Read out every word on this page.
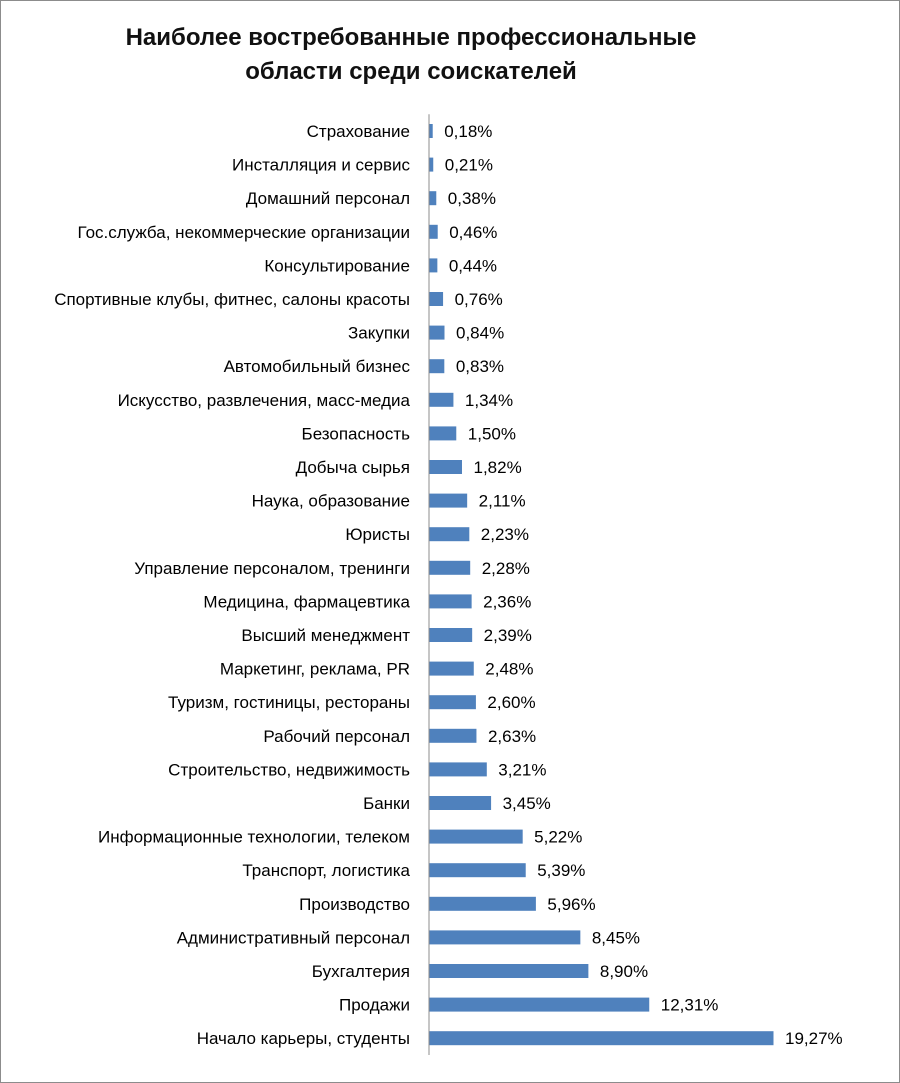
Наиболее востребованные профессиональные
области среди соискателей
Страхование 0,18%
Инсталляция и сервис 0,21%
Домашний персонал 0,38%
Гос.служба, некоммерческие организации 0,46%
Консультирование 0,44%
Спортивные клубы, фитнес, салоны красоты	0,76%
Закупки	0,84%
Автомобильный бизнес	0,83%
Искусство, развлечения, масс-медиа	1,34%
Безопасность	1,50%
Добыча сырья	1,82%
Наука, образование	2,11%
Юристы	2,23%
Управление персоналом, тренинги	2,28%
Медицина, фармацевтика	2,36%
Высший менеджмент	2,39%
Маркетинг, реклама, PR	2,48%
Туризм, гостиницы, рестораны	2,60%
Рабочий персонал	2,63%
Строительство, недвижимость	3,21%
Банки	3,45%
Информационные технологии, телеком	5,22%
Транспорт, логистика	5,39%
Производство	5,96%
Административный персонал	8,45%
Бухгалтерия	8,90%
Продажи	12,31%
Начало карьеры, студенты	19,27%
